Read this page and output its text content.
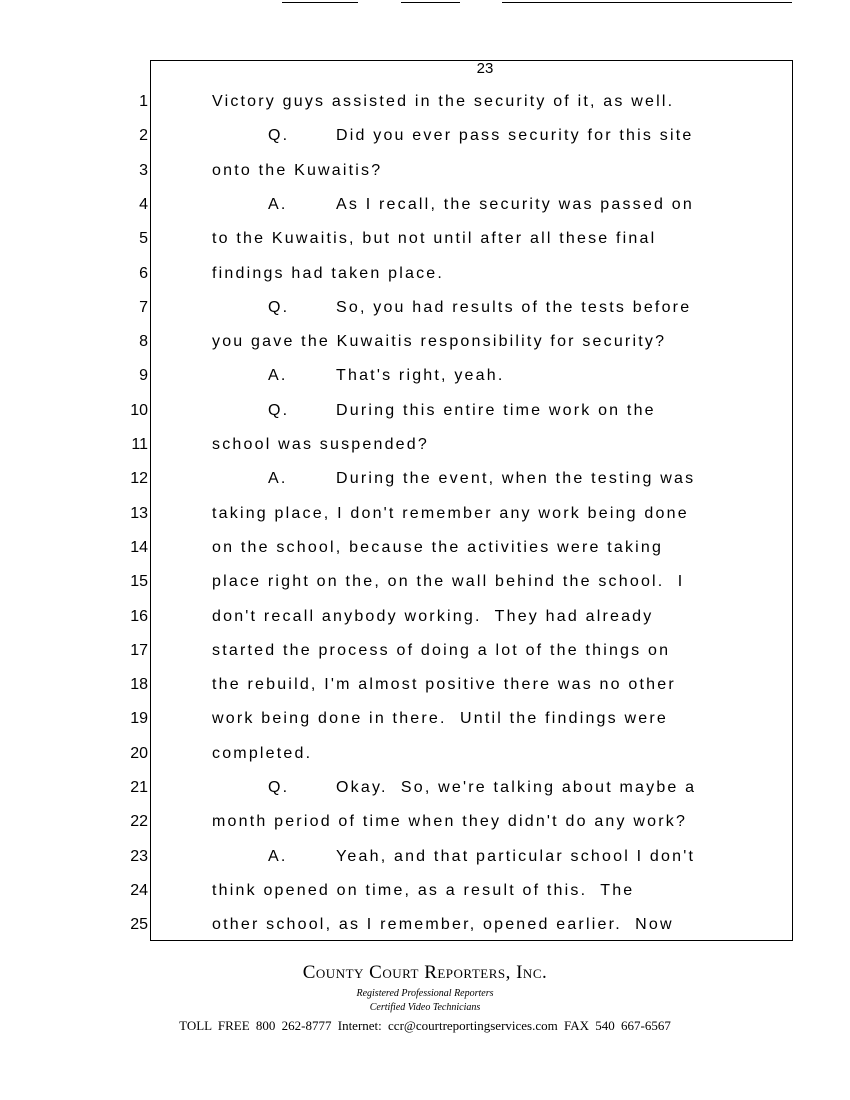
23
1	Victory guys assisted in the security of it, as well.
2	Q.	Did you ever pass security for this site
3	onto the Kuwaitis?
4	A.	As I recall, the security was passed on
5	to the Kuwaitis, but not until after all these final
6	findings had taken place.
7	Q.	So, you had results of the tests before
8	you gave the Kuwaitis responsibility for security?
9	A.	That's right, yeah.
10	Q.	During this entire time work on the
11	school was suspended?
12	A.	During the event, when the testing was
13	taking place, I don't remember any work being done
14	on the school, because the activities were taking
15	place right on the, on the wall behind the school.  I
16	don't recall anybody working.  They had already
17	started the process of doing a lot of the things on
18	the rebuild, I'm almost positive there was no other
19	work being done in there.  Until the findings were
20	completed.
21	Q.	Okay.  So, we're talking about maybe a
22	month period of time when they didn't do any work?
23	A.	Yeah, and that particular school I don't
24	think opened on time, as a result of this.  The
25	other school, as I remember, opened earlier.  Now
County Court Reporters, Inc.
Registered Professional Reporters
Certified Video Technicians
TOLL FREE 800 262-8777 Internet: ccr@courtreportingservices.com FAX 540 667-6567
